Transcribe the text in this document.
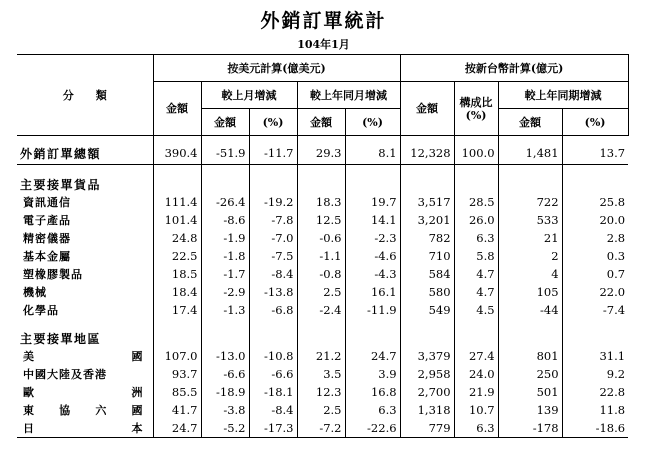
外銷訂單統計
104年1月
分　　類	按美元計算(億美元)					按新台幣計算(億元)			
	金額	較上月增減		較上年同月增減		金額	構成比(%)	較上年同期增減	
		金額	(%)	金額	(%)			金額	(%)

外銷訂單總額	390.4	-51.9	-11.7	29.3	8.1	12,328	100.0	1,481	13.7

主要接單貨品									
資訊通信	111.4	-26.4	-19.2	18.3	19.7	3,517	28.5	722	25.8
電子產品	101.4	-8.6	-7.8	12.5	14.1	3,201	26.0	533	20.0
精密儀器	24.8	-1.9	-7.0	-0.6	-2.3	782	6.3	21	2.8
基本金屬	22.5	-1.8	-7.5	-1.1	-4.6	710	5.8	2	0.3
塑橡膠製品	18.5	-1.7	-8.4	-0.8	-4.3	584	4.7	4	0.7
機械	18.4	-2.9	-13.8	2.5	16.1	580	4.7	105	22.0
化學品	17.4	-1.3	-6.8	-2.4	-11.9	549	4.5	-44	-7.4

主要接單地區									

美 國	107.0	-13.0	-10.8	21.2	24.7	3,379	27.4	801	31.1
中國大陸及香港	93.7	-6.6	-6.6	3.5	3.9	2,958	24.0	250	9.2

歐 洲	85.5	-18.9	-18.1	12.3	16.8	2,700	21.9	501	22.8

東 協 六 國	41.7	-3.8	-8.4	2.5	6.3	1,318	10.7	139	11.8

日 本	24.7	-5.2	-17.3	-7.2	-22.6	779	6.3	-178	-18.6
